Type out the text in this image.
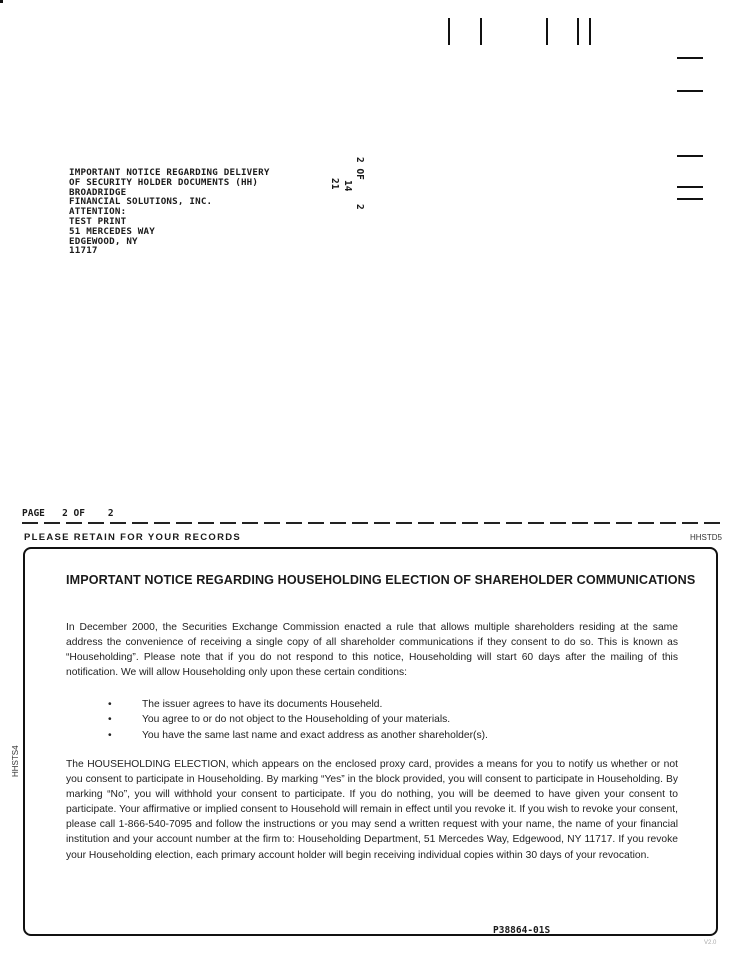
IMPORTANT NOTICE REGARDING DELIVERY
OF SECURITY HOLDER DOCUMENTS (HH)
BROADRIDGE
FINANCIAL SOLUTIONS, INC.
ATTENTION:
TEST PRINT
51 MERCEDES WAY
EDGEWOOD, NY
11717
2 OF
14
21
2
PAGE 2 OF    2
PLEASE RETAIN FOR YOUR RECORDS	HHSTD5
HHSTS4
IMPORTANT NOTICE REGARDING HOUSEHOLDING ELECTION OF SHAREHOLDER COMMUNICATIONS
In December 2000, the Securities Exchange Commission enacted a rule that allows multiple shareholders residing at the same address the convenience of receiving a single copy of all shareholder communications if they consent to do so. This is known as “Householding”. Please note that if you do not respond to this notice, Householding will start 60 days after the mailing of this notification. We will allow Householding only upon these certain conditions:
•	The issuer agrees to have its documents Househeld.
•	You agree to or do not object to the Householding of your materials.
•	You have the same last name and exact address as another shareholder(s).
The HOUSEHOLDING ELECTION, which appears on the enclosed proxy card, provides a means for you to notify us whether or not you consent to participate in Householding. By marking “Yes” in the block provided, you will consent to participate in Householding. By marking “No”, you will withhold your consent to participate. If you do nothing, you will be deemed to have given your consent to participate. Your affirmative or implied consent to Household will remain in effect until you revoke it. If you wish to revoke your consent, please call 1-866-540-7095 and follow the instructions or you may send a written request with your name, the name of your financial institution and your account number at the firm to: Householding Department, 51 Mercedes Way, Edgewood, NY 11717. If you revoke your Householding election, each primary account holder will begin receiving individual copies within 30 days of your revocation.
P38864-01S
V2.0
